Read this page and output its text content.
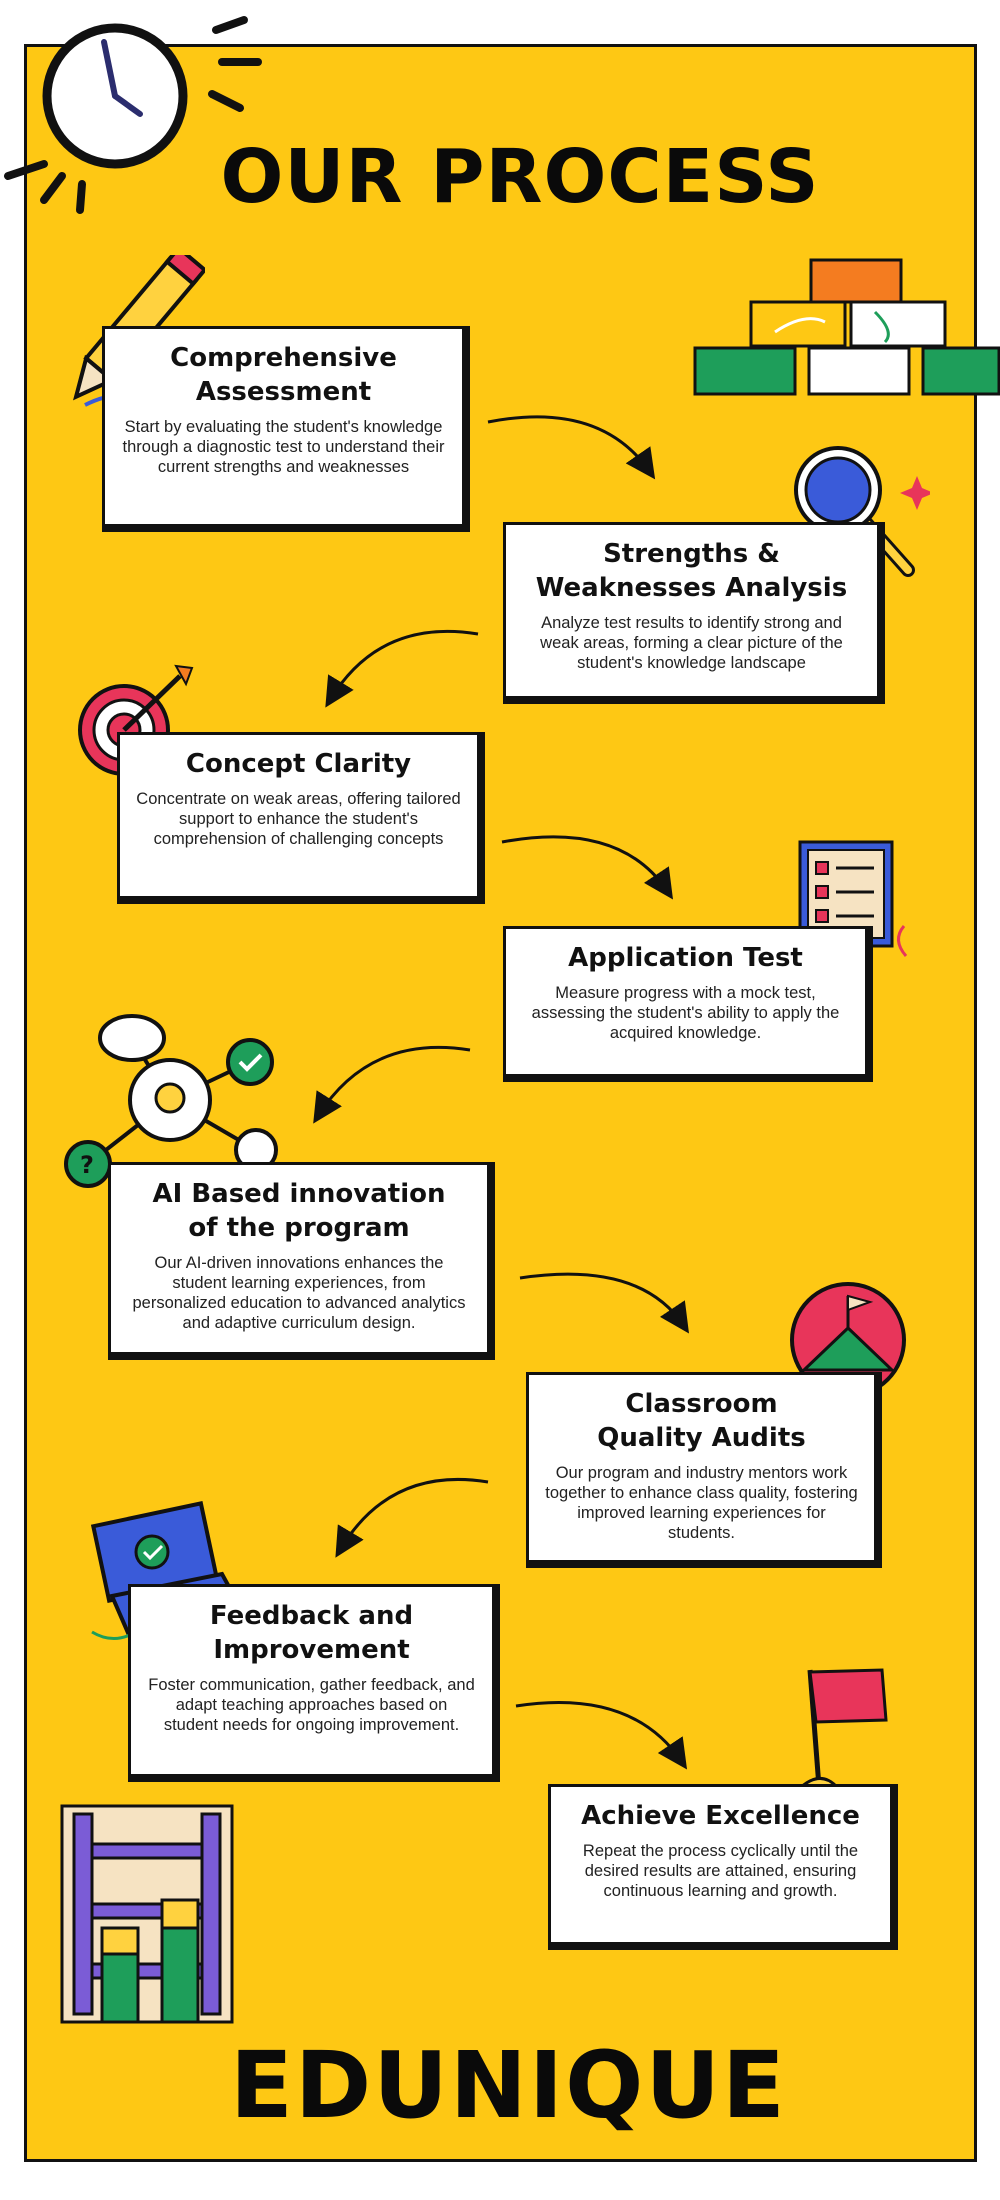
OUR PROCESS
?
Comprehensive
Assessment

Start by evaluating the student's knowledge through a diagnostic test to understand their current strengths and weaknesses

Strengths &
Weaknesses Analysis

Analyze test results to identify strong and weak areas, forming a clear picture of the student's knowledge landscape

Concept Clarity

Concentrate on weak areas, offering tailored support to enhance the student's comprehension of challenging concepts

Application Test

Measure progress with a mock test, assessing the student's ability to apply the acquired knowledge.

AI Based innovation
of the program

Our AI-driven innovations enhances the student learning experiences, from personalized education to advanced analytics and adaptive curriculum design.

Classroom
Quality Audits

Our program and industry mentors work together to enhance class quality, fostering improved learning experiences for students.

Feedback and
Improvement

Foster communication, gather feedback, and adapt teaching approaches based on student needs for ongoing improvement.

Achieve Excellence

Repeat the process cyclically until the desired results are attained, ensuring continuous learning and growth.

EDUNIQUE
